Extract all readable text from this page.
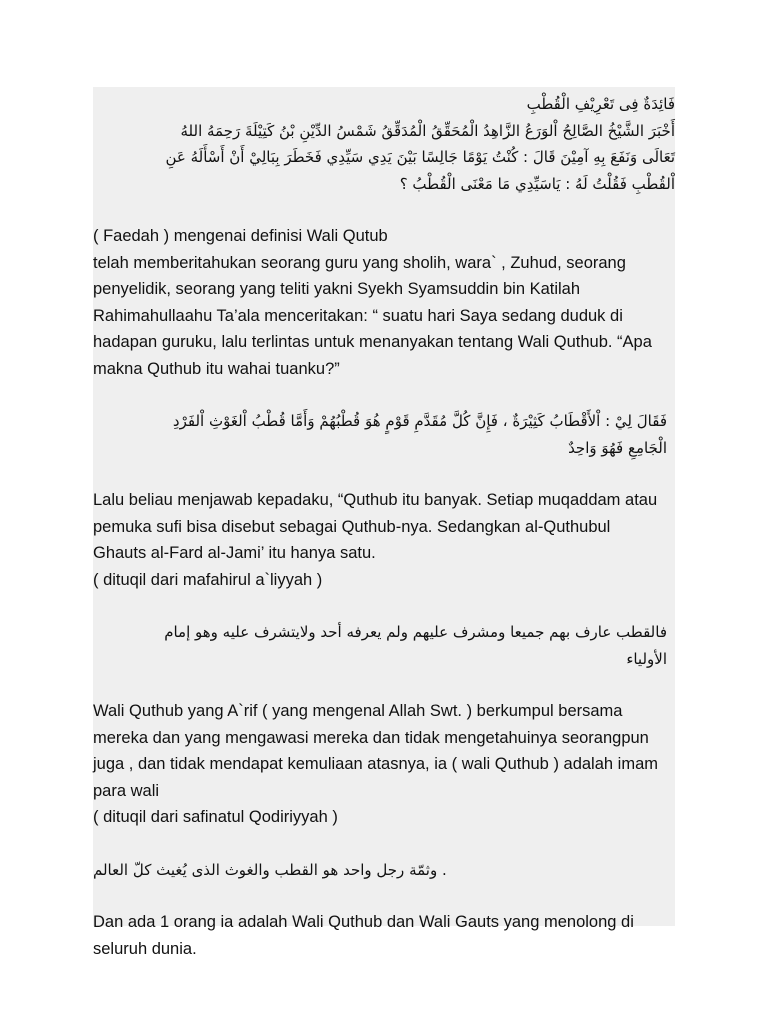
فَائِدَةٌ فِى تَعْرِيْفِ الْقُطْبِ
أَخْبَرَ الشَّيْخُ الصَّالِحُ اْلوَرَعُ الزَّاهِدُ الْمُحَقِّقُ الْمُدَقِّقُ شَمْسُ الدِّيْنِ بْنُ كَتِيْلَةَ رَحِمَهُ اللهُ
تَعَالَى وَنَفَعَ بِهِ آمِيْنَ قَالَ : كُنْتُ يَوْمًا جَالِسًا بَيْنَ يَدِي سَيِّدِي فَخَطَرَ بِبَالِيْ أَنْ أَسْأَلَهُ عَنِ
اْلقُطْبِ فَقُلْتُ لَهُ : يَاسَيِّدِي مَا مَعْنَى الْقُطْبُ ؟
( Faedah ) mengenai definisi Wali Qutub
telah memberitahukan seorang guru yang sholih, wara` , Zuhud, seorang
penyelidik, seorang yang teliti yakni Syekh Syamsuddin bin Katilah
Rahimahullaahu Ta’ala menceritakan: “ suatu hari Saya sedang duduk di
hadapan guruku, lalu terlintas untuk menanyakan tentang Wali Quthub. “Apa
makna Quthub itu wahai tuanku?”
فَقَالَ لِيْ : اْلأَقْطَابُ كَثِيْرَةٌ ، فَإِنَّ كُلَّ مُقَدَّمِ قَوْمٍ هُوَ قُطْبُهُمْ وَأَمَّا قُطْبُ اْلغَوْثِ اْلفَرْدِ
الْجَامِعِ فَهُوَ وَاحِدٌ
Lalu beliau menjawab kepadaku, “Quthub itu banyak. Setiap muqaddam atau
pemuka sufi bisa disebut sebagai Quthub-nya. Sedangkan al-Quthubul
Ghauts al-Fard al-Jami’ itu hanya satu.
( dituqil dari mafahirul a`liyyah )
فالقطب عارف بهم جميعا ومشرف عليهم ولم يعرفه أحد ولايتشرف عليه وهو إمام
الأولياء
Wali Quthub yang A`rif ( yang mengenal Allah Swt. ) berkumpul bersama
mereka dan yang mengawasi mereka dan tidak mengetahuinya seorangpun
juga , dan tidak mendapat kemuliaan atasnya, ia ( wali Quthub ) adalah imam
para wali
( dituqil dari safinatul Qodiriyyah )
. وثمّة رجل واحد هو القطب والغوث الذى يُغيث كلّ العالم
Dan ada 1 orang ia adalah Wali Quthub dan Wali Gauts yang menolong di
seluruh dunia.
